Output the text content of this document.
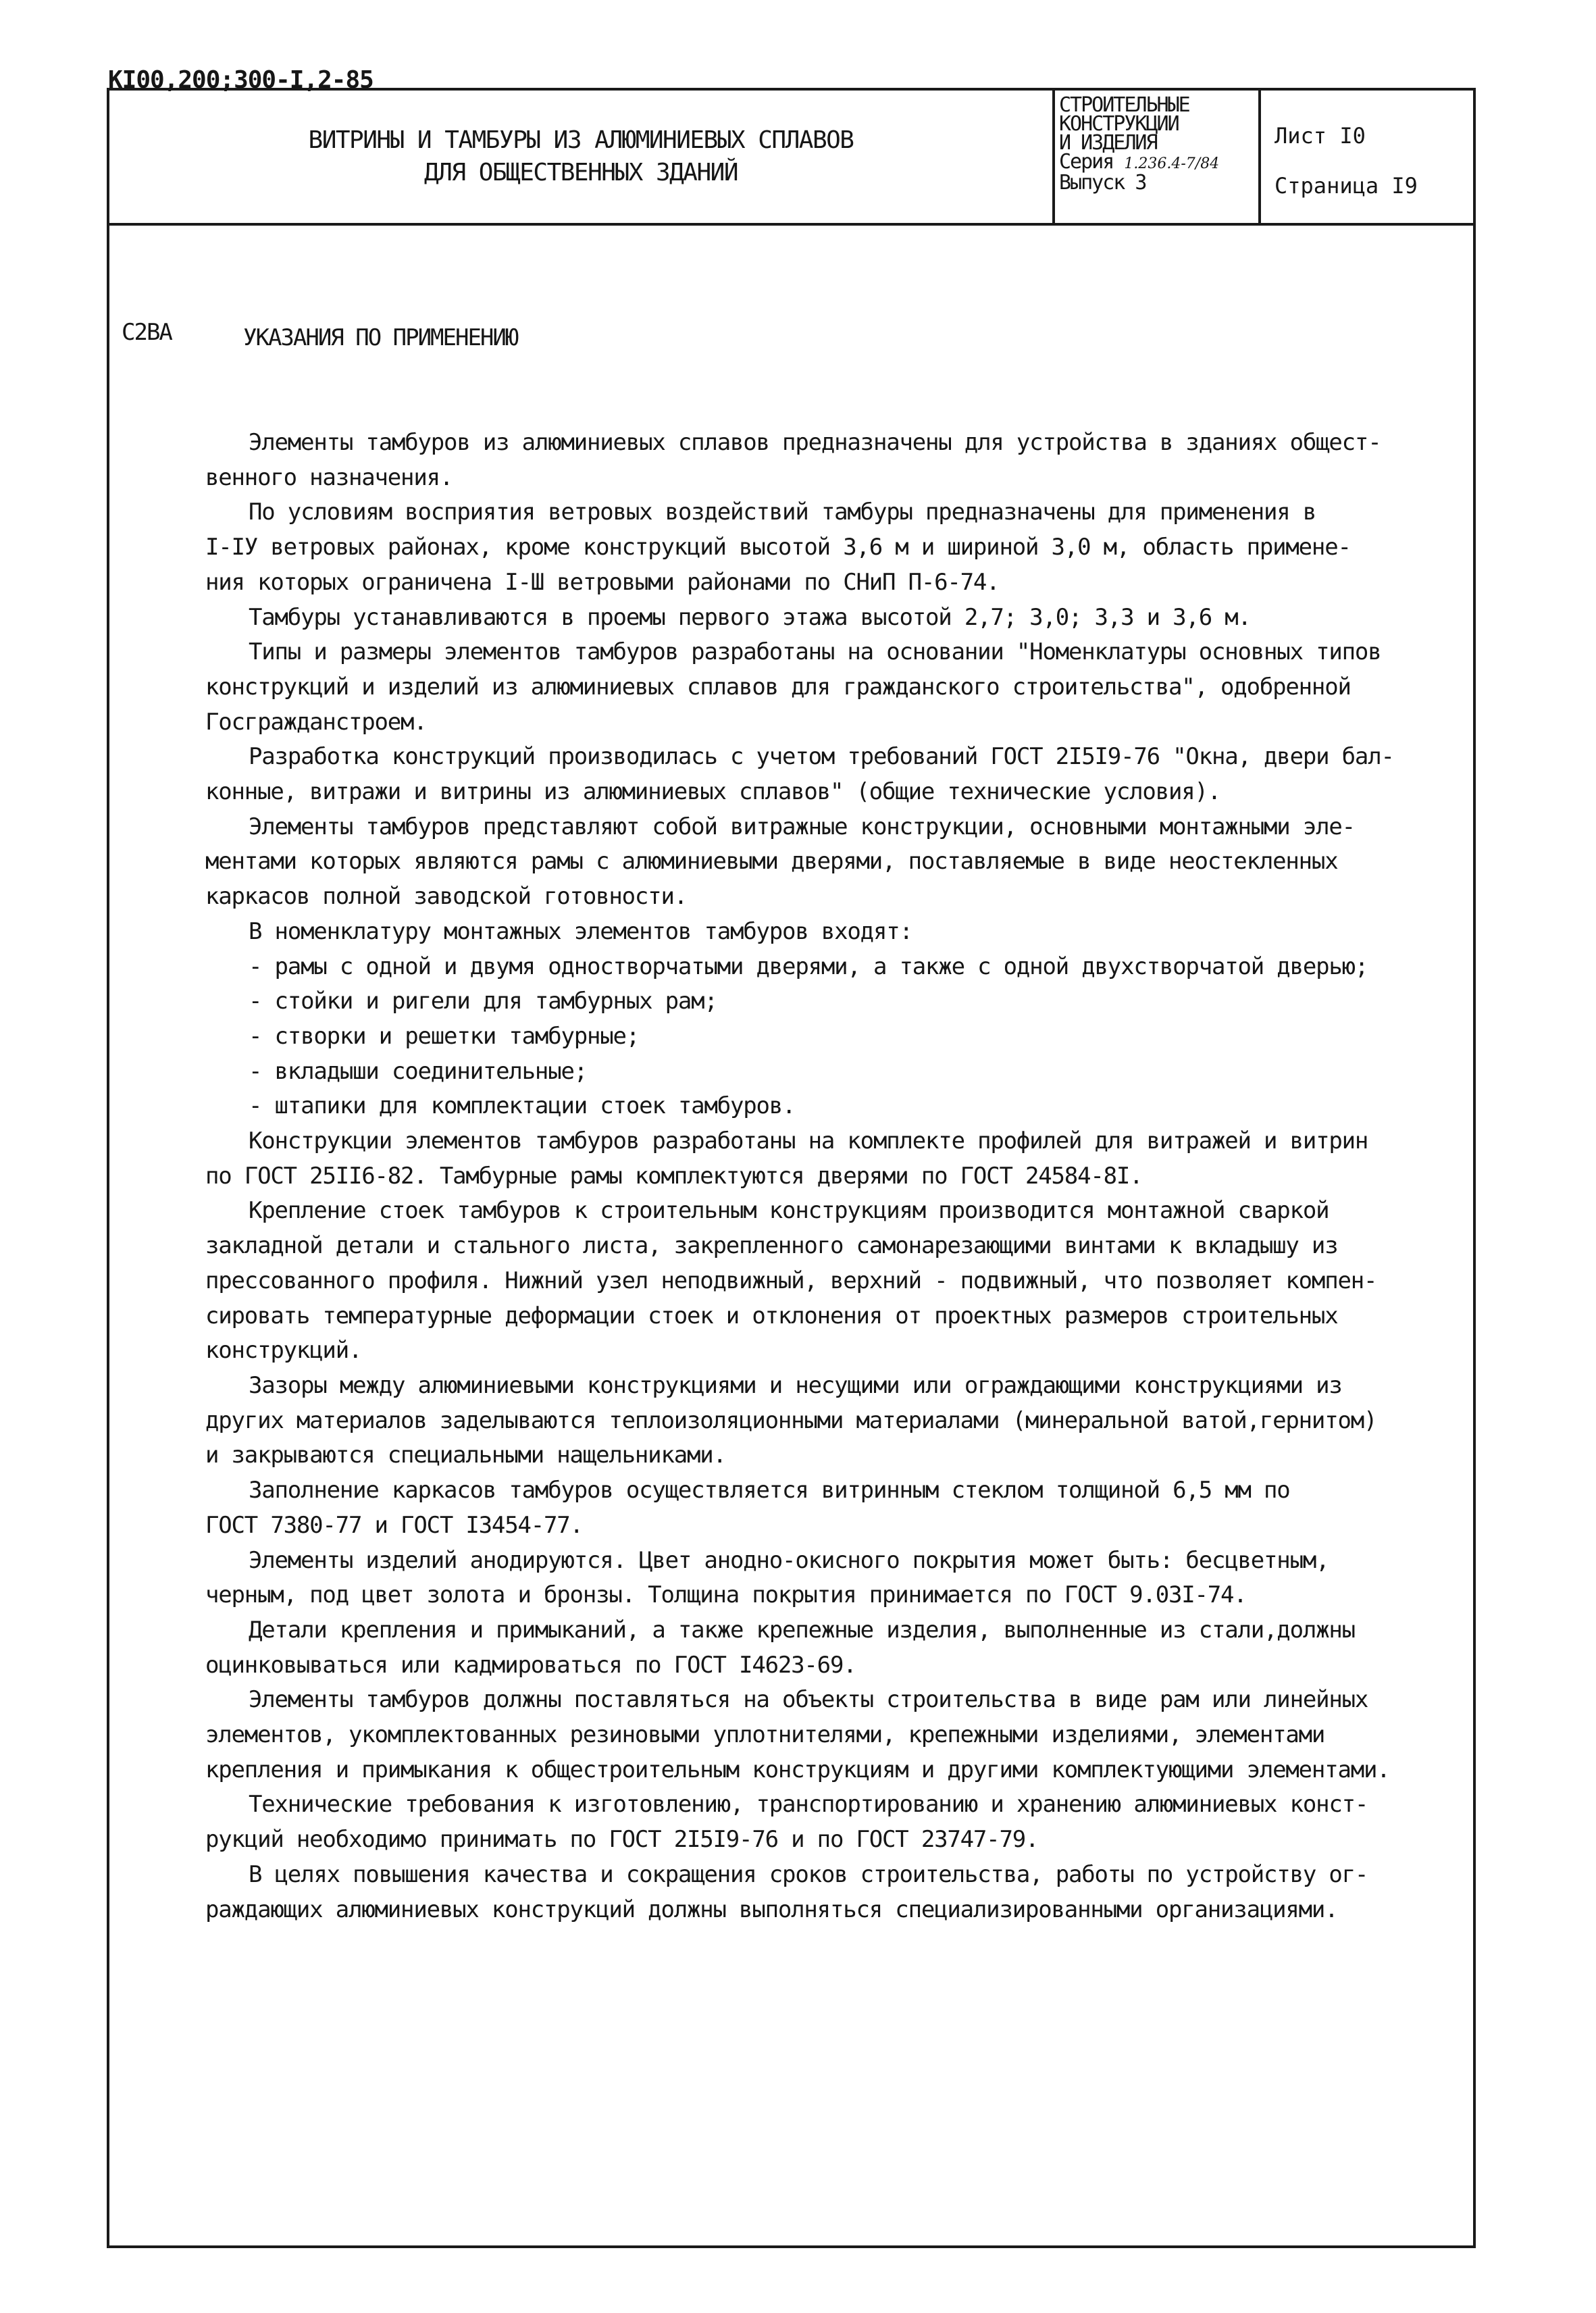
КI00,200;300-I,2-85
ВИТРИНЫ И ТАМБУРЫ ИЗ АЛЮМИНИЕВЫХ СПЛАВОВ
ДЛЯ ОБЩЕСТВЕННЫХ ЗДАНИЙ
СТРОИТЕЛЬНЫЕ
КОНСТРУКЦИИ
И ИЗДЕЛИЯ
Серия 1.236.4-7/84
Выпуск 3
Лист I0
Страница I9
С2ВА	УКАЗАНИЯ ПО ПРИМЕНЕНИЮ

Элементы тамбуров из алюминиевых сплавов предназначены для устройства в зданиях общест-
венного назначения.

По условиям восприятия ветровых воздействий тамбуры предназначены для применения в
I-IУ ветровых районах, кроме конструкций высотой 3,6 м и шириной 3,0 м, область примене-
ния которых ограничена I-Ш ветровыми районами по СНиП П-6-74.

Тамбуры устанавливаются в проемы первого этажа высотой 2,7; 3,0; 3,3 и 3,6 м.

Типы и размеры элементов тамбуров разработаны на основании "Номенклатуры основных типов
конструкций и изделий из алюминиевых сплавов для гражданского строительства", одобренной
Госгражданстроем.

Разработка конструкций производилась с учетом требований ГОСТ 2I5I9-76 "Окна, двери бал-
конные, витражи и витрины из алюминиевых сплавов" (общие технические условия).

Элементы тамбуров представляют собой витражные конструкции, основными монтажными эле-
ментами которых являются рамы с алюминиевыми дверями, поставляемые в виде неостекленных
каркасов полной заводской готовности.

В номенклатуру монтажных элементов тамбуров входят:

- рамы с одной и двумя одностворчатыми дверями, а также с одной двухстворчатой дверью;

- стойки и ригели для тамбурных рам;

- створки и решетки тамбурные;

- вкладыши соединительные;

- штапики для комплектации стоек тамбуров.

Конструкции элементов тамбуров разработаны на комплекте профилей для витражей и витрин
по ГОСТ 25II6-82. Тамбурные рамы комплектуются дверями по ГОСТ 24584-8I.

Крепление стоек тамбуров к строительным конструкциям производится монтажной сваркой
закладной детали и стального листа, закрепленного самонарезающими винтами к вкладышу из
прессованного профиля. Нижний узел неподвижный, верхний - подвижный, что позволяет компен-
сировать температурные деформации стоек и отклонения от проектных размеров строительных
конструкций.

Зазоры между алюминиевыми конструкциями и несущими или ограждающими конструкциями из
других материалов заделываются теплоизоляционными материалами (минеральной ватой,гернитом)
и закрываются специальными нащельниками.

Заполнение каркасов тамбуров осуществляется витринным стеклом толщиной 6,5 мм по
ГОСТ 7380-77 и ГОСТ I3454-77.

Элементы изделий анодируются. Цвет анодно-окисного покрытия может быть: бесцветным,
черным, под цвет золота и бронзы. Толщина покрытия принимается по ГОСТ 9.03I-74.

Детали крепления и примыканий, а также крепежные изделия, выполненные из стали,должны
оцинковываться или кадмироваться по ГОСТ I4623-69.

Элементы тамбуров должны поставляться на объекты строительства в виде рам или линейных
элементов, укомплектованных резиновыми уплотнителями, крепежными изделиями, элементами
крепления и примыкания к общестроительным конструкциям и другими комплектующими элементами.

Технические требования к изготовлению, транспортированию и хранению алюминиевых конст-
рукций необходимо принимать по ГОСТ 2I5I9-76 и по ГОСТ 23747-79.

В целях повышения качества и сокращения сроков строительства, работы по устройству ог-
раждающих алюминиевых конструкций должны выполняться специализированными организациями.
